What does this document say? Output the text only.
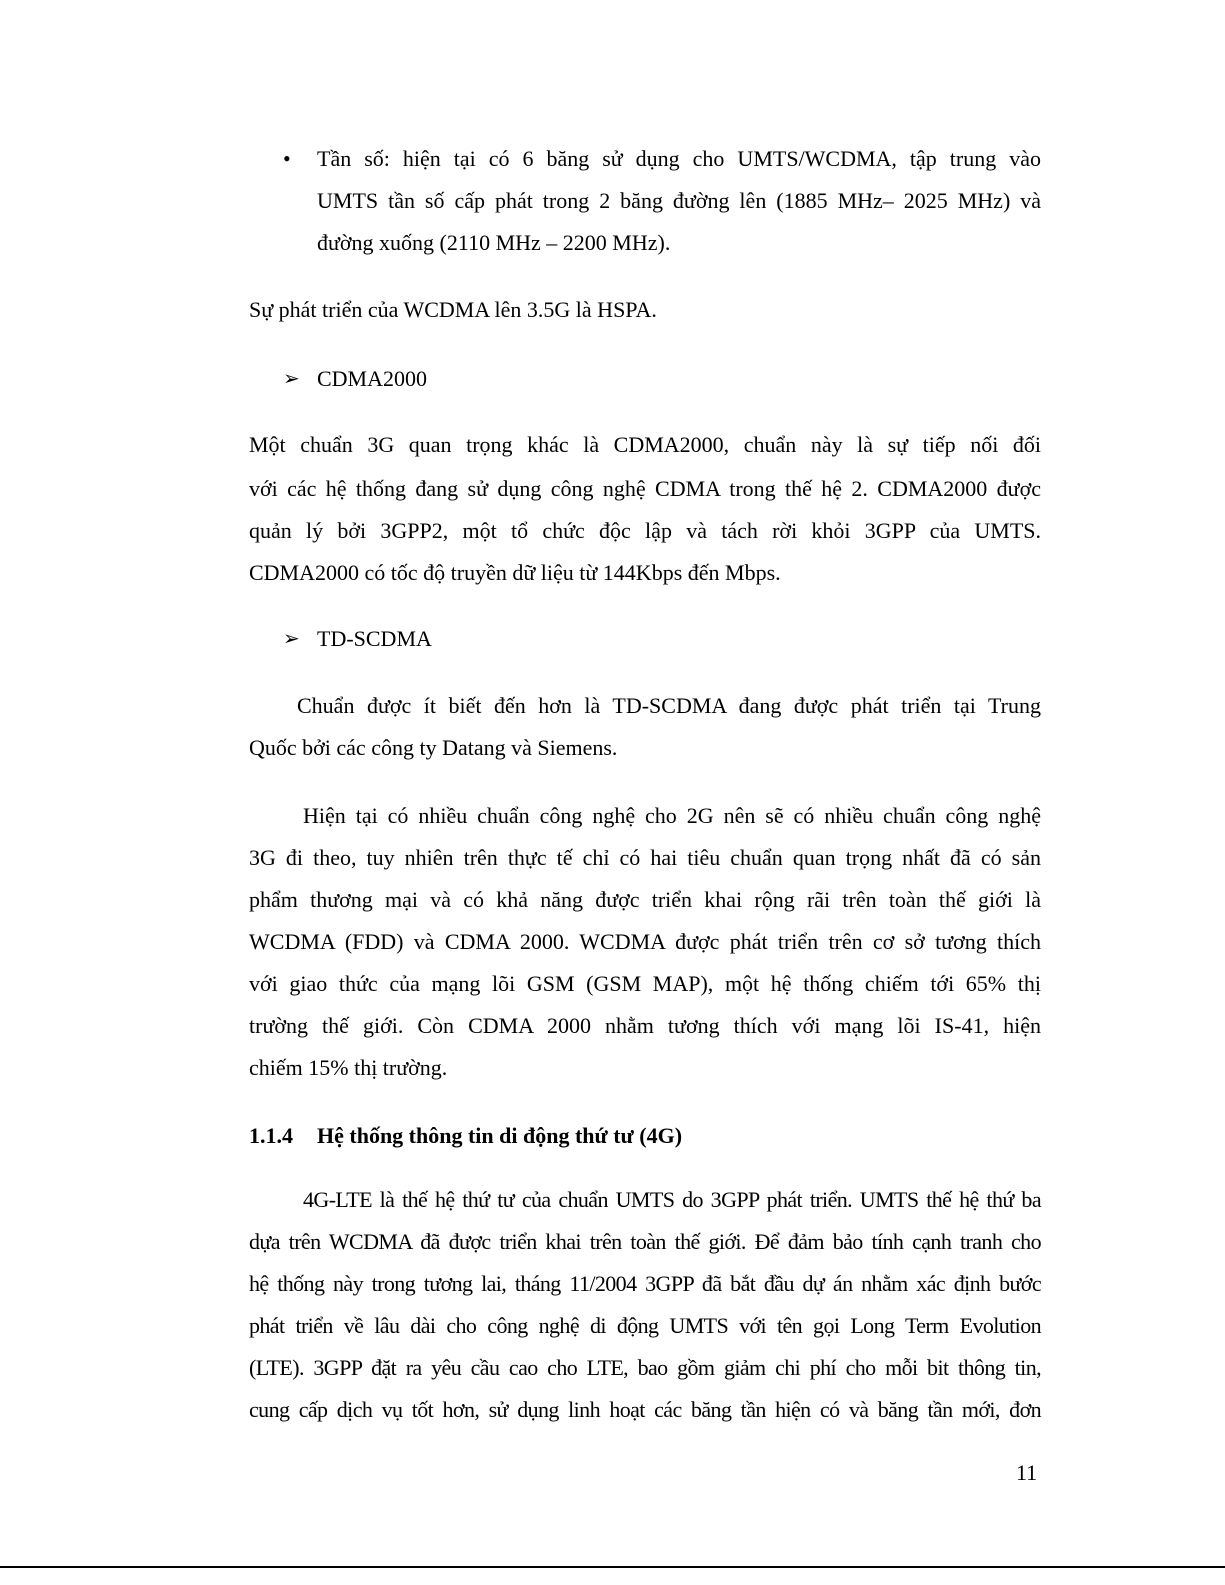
• Tần số: hiện tại có 6 băng sử dụng cho UMTS/WCDMA, tập trung vào
UMTS tần số cấp phát trong 2 băng đường lên (1885 MHz– 2025 MHz) và
đường xuống (2110 MHz – 2200 MHz).
Sự phát triển của WCDMA lên 3.5G là HSPA.
➢ CDMA2000
Một chuẩn 3G quan trọng khác là CDMA2000, chuẩn này là sự tiếp nối đối
với các hệ thống đang sử dụng công nghệ CDMA trong thế hệ 2. CDMA2000 được
quản lý bởi 3GPP2, một tổ chức độc lập và tách rời khỏi 3GPP của UMTS.
CDMA2000 có tốc độ truyền dữ liệu từ 144Kbps đến Mbps.
➢ TD-SCDMA
Chuẩn được ít biết đến hơn là TD-SCDMA đang được phát triển tại Trung
Quốc bởi các công ty Datang và Siemens.
Hiện tại có nhiều chuẩn công nghệ cho 2G nên sẽ có nhiều chuẩn công nghệ
3G đi theo, tuy nhiên trên thực tế chỉ có hai tiêu chuẩn quan trọng nhất đã có sản
phẩm thương mại và có khả năng được triển khai rộng rãi trên toàn thế giới là
WCDMA (FDD) và CDMA 2000. WCDMA được phát triển trên cơ sở tương thích
với giao thức của mạng lõi GSM (GSM MAP), một hệ thống chiếm tới 65% thị
trường thế giới. Còn CDMA 2000 nhằm tương thích với mạng lõi IS-41, hiện
chiếm 15% thị trường.
1.1.4 Hệ thống thông tin di động thứ tư (4G)
4G-LTE là thế hệ thứ tư của chuẩn UMTS do 3GPP phát triển. UMTS thế hệ thứ ba
dựa trên WCDMA đã được triển khai trên toàn thế giới. Để đảm bảo tính cạnh tranh cho
hệ thống này trong tương lai, tháng 11/2004 3GPP đã bắt đầu dự án nhằm xác định bước
phát triển về lâu dài cho công nghệ di động UMTS với tên gọi Long Term Evolution
(LTE). 3GPP đặt ra yêu cầu cao cho LTE, bao gồm giảm chi phí cho mỗi bit thông tin,
cung cấp dịch vụ tốt hơn, sử dụng linh hoạt các băng tần hiện có và băng tần mới, đơn
11
